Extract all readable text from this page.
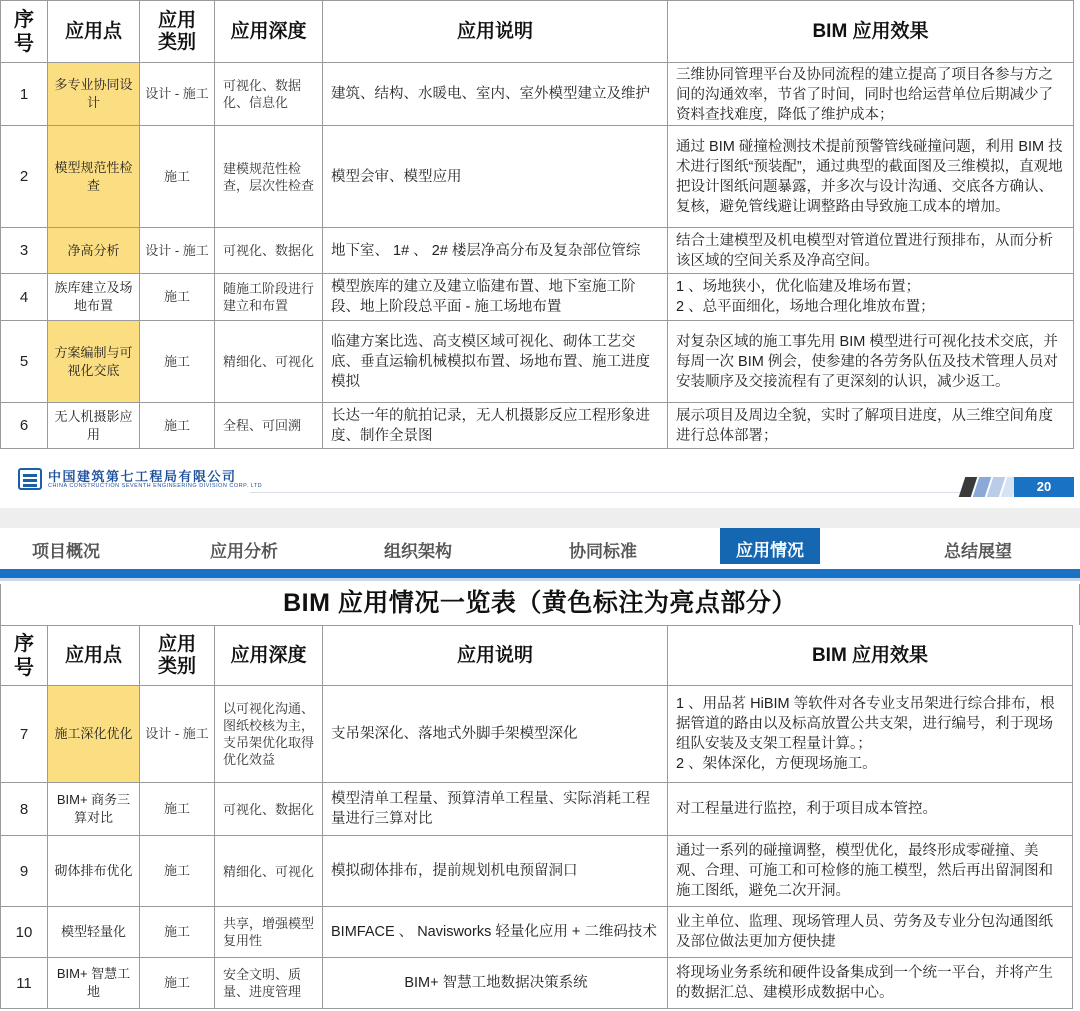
序号	应用点	应用类别	应用深度	应用说明	BIM 应用效果

1	多专业协同设计	设计 - 施工	可视化、数据化、信息化	建筑、结构、水暖电、室内、室外模型建立及维护	三维协同管理平台及协同流程的建立提高了项目各参与方之间的沟通效率，节省了时间，同时也给运营单位后期减少了资料查找难度，降低了维护成本；

2	模型规范性检查	施工	建模规范性检查，层次性检查	模型会审、模型应用	通过 BIM 碰撞检测技术提前预警管线碰撞问题，利用 BIM 技术进行图纸“预装配”，通过典型的截面图及三维模拟，直观地把设计图纸问题暴露，并多次与设计沟通、交底各方确认、复核，避免管线避让调整路由导致施工成本的增加。

3	净高分析	设计 - 施工	可视化、数据化	地下室、 1# 、 2# 楼层净高分布及复杂部位管综	结合土建模型及机电模型对管道位置进行预排布，从而分析该区域的空间关系及净高空间。

4	族库建立及场地布置	施工	随施工阶段进行建立和布置	模型族库的建立及建立临建布置、地下室施工阶段、地上阶段总平面 - 施工场地布置	1 、场地狭小，优化临建及堆场布置；
2 、总平面细化，场地合理化堆放布置；

5	方案编制与可视化交底	施工	精细化、可视化	临建方案比选、高支模区域可视化、砌体工艺交底、垂直运输机械模拟布置、场地布置、施工进度模拟	对复杂区域的施工事先用 BIM 模型进行可视化技术交底，并每周一次 BIM 例会，使参建的各劳务队伍及技术管理人员对安装顺序及交接流程有了更深刻的认识，减少返工。

6	无人机摄影应用	施工	全程、可回溯	长达一年的航拍记录，无人机摄影反应工程形象进度、制作全景图	展示项目及周边全貌，实时了解项目进度，从三维空间角度进行总体部署；
中国建筑第七工程局有限公司
CHINA CONSTRUCTION SEVENTH ENGINEERING DIVISION CORP. LTD	20
项目概况	应用分析	组织架构	协同标准	应用情况	总结展望
BIM 应用情况一览表（黄色标注为亮点部分）
序号	应用点	应用类别	应用深度	应用说明	BIM 应用效果

7	施工深化优化	设计 - 施工	以可视化沟通、图纸校核为主，支吊架优化取得优化效益	支吊架深化、落地式外脚手架模型深化	1 、用品茗 HiBIM 等软件对各专业支吊架进行综合排布，根据管道的路由以及标高放置公共支架，进行编号，利于现场组队安装及支架工程量计算。；
2 、架体深化，方便现场施工。

8	BIM+ 商务三算对比	施工	可视化、数据化	模型清单工程量、预算清单工程量、实际消耗工程量进行三算对比	对工程量进行监控，利于项目成本管控。

9	砌体排布优化	施工	精细化、可视化	模拟砌体排布，提前规划机电预留洞口	通过一系列的碰撞调整，模型优化，最终形成零碰撞、美观、合理、可施工和可检修的施工模型，然后再出留洞图和施工图纸，避免二次开洞。

10	模型轻量化	施工	共享，增强模型复用性	BIMFACE 、 Navisworks 轻量化应用 + 二维码技术	业主单位、监理、现场管理人员、劳务及专业分包沟通图纸及部位做法更加方便快捷

11	BIM+ 智慧工地	施工	安全文明、质量、进度管理	BIM+ 智慧工地数据决策系统	将现场业务系统和硬件设备集成到一个统一平台，并将产生的数据汇总、建模形成数据中心。
